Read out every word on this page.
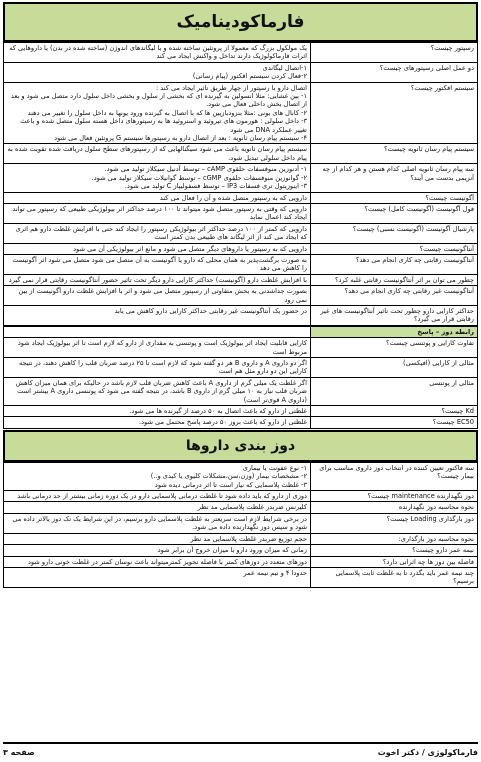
فارماکودینامیک
رسپتور چیست؟	یک مولکول بزرگ که معمولا از پروتئین ساخته شده و با لیگاندهای اندوژن (ساخته شده در بدن) یا داروهایی که اثرات فارماکولوژیک دارند تداخل و واکنش ایجاد می کند
دو عمل اصلی رسپتورهای چیست؟	۱-اتصال لیگاندی
۲-فعال کردن سیستم افکتور (پیام رسانی)
سیستم افکتور چیست؟	اتصال دارو با رسپتور از چهار طریق تاثیر ایجاد می کند :
۱- بین غشایی: مثلا انسولین به گیرنده ای که بخشی از سلول و بخشی داخل سلول دارد متصل می شود و بعد از اتصال بخش داخلی فعال می شود.
۲- کانال های یونی :مثلا بنزودیازپین ها که با اتصال به گیرنده ورود یونها به داخل سلول را تغییر می دهند
۳- داخل سلولی : هورمون های تیروئید و استروئید ها به رسپتورهای داخل هسته سلول متصل شده و باعث تغییر عملکرد DNA می شود
۴- سیستم پیام رسان ثانویه : بعد از اتصال دارو به رسپتورها سیستم G پروتئین فعال می شود
سیستم پیام رسان ثانویه چیست؟	سیستم پیام رسان ثانویه باعث می شود سیگنالهایی که از رسپتورهای سطح سلول دریافت شده تقویت شده به پیام داخل سلولی تبدیل شود.
سه پیام رسان ثانویه اصلی کدام هستن و هر کدام از چه آنزیمی بدست می آیند؟	۱- آدنوزین منوفسفات حلقوی cAMP – توسط آدنیل سیکلاز تولید می شود.
۲- گوانوزین منوفسفات حلقوی cGMP – توسط گوانیلات سیکلاز تولید می شود.
۳- اینوزیتول تری فسفات IP3 – توسط فسفولیپاز C تولید می شود.
آگونیست چیست؟	دارویی که به رسپتور متصل شده و آن را فعال می کند
فول آگونیست (آگونیست کامل) چیست؟	دارویی که وقتی به رسپتور متصل شود میتواند تا ۱۰۰ درصد حداکثر اثر بیولوژیکی طبیعی که رسپتور می تواند ایجاد کند اعمال نماید
پارشیال آگونیست (آگونیست نسبی) چیست؟	دارویی که کمتر از ۱۰۰ درصد حداکثر اثر بیولوژیکی رسپتور را ایجاد کند حتی با افزایش غلظت دارو هم اثری که ایجاد می کند از اثر لیگاند های طبیعی بدن کمتر است
آنتاگونیست چیست؟	دارویی که به رسپتور یا داروهای دیگر متصل می شود و مانع اثر بیولوژیکی آن می شود
آنتاگونیست رقابتی چه کاری انجام می دهد؟	به صورت برگشت‌پذیر به همان محلی که دارو یا آگونیست به آن متصل می شود متصل می شود اثر آگونیست را کاهش می دهد
چطور می توان بر اثر آنتاگونیست رقابتی غلبه کرد؟	با افزایش غلظت دارو (آگونیست) حداکثر کارایی دارو دیگر تحت تاثیر حضور آنتاگونیست رقابتی قرار نمی گیرد
آنتاگونیست غیر رقابتی چه کاری انجام می دهد؟	بصورت جداشدنی به بخش متفاوتی از رسپتور متصل می شود و اثر با افزایش غلظت دارو آگونیست از بین نمی رود
حداکثر کارایی دارو چطور تحت تاثیر آنتاگونیست های غیر رقابتی قرار می گیرد؟	در حضور یک آنتاگونیست غیر رقابتی حداکثر کارایی دارو کاهش می یابد
رابطه دوز – پاسخ	
تفاوت کارایی و پوتنسی چیست؟	کارایی قابلیت ایجاد اثر بیولوژیک است و پوتنسی به مقداری از دارو که لازم است تا اثر بیولوژیک ایجاد شود مربوط است
مثالی از کارایی (افیکسی)	اگر دو داروی A و داروی B هر دو گفته شود که لازم است تا ۲۵ درصد ضربان قلب را کاهش دهند، در نتیجه کارایی این دو دارو مثل هم است
مثالی از پوتنسی	اگر غلظت یک میلی گرم از داروی A باعث کاهش ضربان قلب لازم باشد در حالیکه برای همان میزان کاهش ضربان قلب نیاز به ۱۰ میلی گرم از داروی B باشد، در نتیجه گفته می شود که پوتنسی داروی A بیشتر است (داروی A قوی‌تر است)
Kd چیست؟	غلظتی از دارو که باعث اتصال به ۵۰ درصد از گیرنده ها می شود.
EC50 چیست؟	غلظتی از دارو که باعث بروز ۵۰ درصد پاسخ محتمل می شود.
دوز بندی داروها
سه فاکتور تعیین کننده در انتخاب دوز داروی مناسب برای بیمار چیست؟	۱- نوع عفونت یا بیماری
۲- مشخصات بیمار (وزن،سن،مشکلات کلیوی یا کبدی و..)
۳- غلظت پلاسمایی که نیاز است تا اثر درمانی دیده شود
دوز نگهدارنده maintenance چیست؟	دوزی از دارو که باید داده شود تا غلظت درمانی پلاسمایی دارو در یک دوره زمانی بیشتر از حد درمانی باشد
نحوه محاسبه دوز نگهدارنده	کلیرنس ضربدر غلظت پلاسمایی مد نظر
دوز بارگذاری Loading چیست؟	در برخی شرایط لازم است سریعتر به غلظت پلاسمایی دارو برسیم، در این شرایط یک تک دوز بالاتر داده می شود و سپس دوز نگهدارنده داده می شود.
نحوه محاسبه دوز بارگذاری:	حجم توزیع ضربدر غلظت پلاسمایی مد نظر
نیمه عمر دارو چیست؟	زمانی که میزان ورود دارو با میزان خروج آن برابر شود
فاصله بین دوز ها چه اثراتی دارد؟	دوزهای متعدد در دوزهای کمتر با فاصله تجویز کمترمیتواند باعث نوسان کمتر در غلظت خونی دارو شود
چند نیمه عمر باید بگذرد تا به غلظت ثابت پلاسمایی برسیم؟	حدودا ۴ و نیم نیمه عمر
فارماکولوژی / دکتر اخوت
صفحه ۳
